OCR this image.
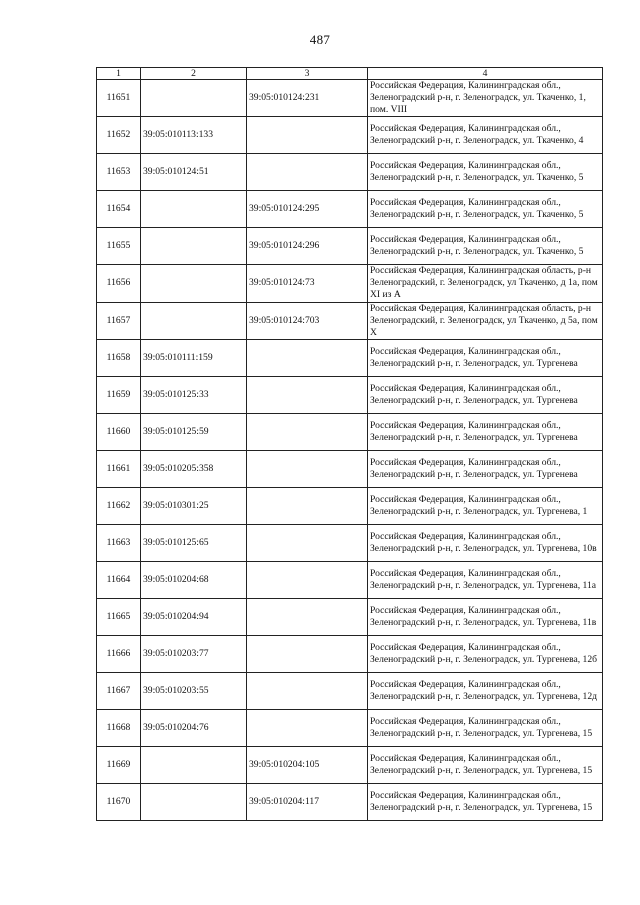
487
1	2	3	4
11651		39:05:010124:231	Российская Федерация, Калининградская обл., Зеленоградский р-н, г. Зеленоградск, ул. Ткаченко, 1, пом. VIII
11652	39:05:010113:133		Российская Федерация, Калининградская обл., Зеленоградский р-н, г. Зеленоградск, ул. Ткаченко, 4
11653	39:05:010124:51		Российская Федерация, Калининградская обл., Зеленоградский р-н, г. Зеленоградск, ул. Ткаченко, 5
11654		39:05:010124:295	Российская Федерация, Калининградская обл., Зеленоградский р-н, г. Зеленоградск, ул. Ткаченко, 5
11655		39:05:010124:296	Российская Федерация, Калининградская обл., Зеленоградский р-н, г. Зеленоградск, ул. Ткаченко, 5
11656		39:05:010124:73	Российская Федерация, Калининградская область, р-н Зеленоградский, г. Зеленоградск, ул Ткаченко, д 1а, пом XI из А
11657		39:05:010124:703	Российская Федерация, Калининградская область, р-н Зеленоградский, г. Зеленоградск, ул Ткаченко, д 5а, пом X
11658	39:05:010111:159		Российская Федерация, Калининградская обл., Зеленоградский р-н, г. Зеленоградск, ул. Тургенева
11659	39:05:010125:33		Российская Федерация, Калининградская обл., Зеленоградский р-н, г. Зеленоградск, ул. Тургенева
11660	39:05:010125:59		Российская Федерация, Калининградская обл., Зеленоградский р-н, г. Зеленоградск, ул. Тургенева
11661	39:05:010205:358		Российская Федерация, Калининградская обл., Зеленоградский р-н, г. Зеленоградск, ул. Тургенева
11662	39:05:010301:25		Российская Федерация, Калининградская обл., Зеленоградский р-н, г. Зеленоградск, ул. Тургенева, 1
11663	39:05:010125:65		Российская Федерация, Калининградская обл., Зеленоградский р-н, г. Зеленоградск, ул. Тургенева, 10в
11664	39:05:010204:68		Российская Федерация, Калининградская обл., Зеленоградский р-н, г. Зеленоградск, ул. Тургенева, 11а
11665	39:05:010204:94		Российская Федерация, Калининградская обл., Зеленоградский р-н, г. Зеленоградск, ул. Тургенева, 11в
11666	39:05:010203:77		Российская Федерация, Калининградская обл., Зеленоградский р-н, г. Зеленоградск, ул. Тургенева, 12б
11667	39:05:010203:55		Российская Федерация, Калининградская обл., Зеленоградский р-н, г. Зеленоградск, ул. Тургенева, 12д
11668	39:05:010204:76		Российская Федерация, Калининградская обл., Зеленоградский р-н, г. Зеленоградск, ул. Тургенева, 15
11669		39:05:010204:105	Российская Федерация, Калининградская обл., Зеленоградский р-н, г. Зеленоградск, ул. Тургенева, 15
11670		39:05:010204:117	Российская Федерация, Калининградская обл., Зеленоградский р-н, г. Зеленоградск, ул. Тургенева, 15
